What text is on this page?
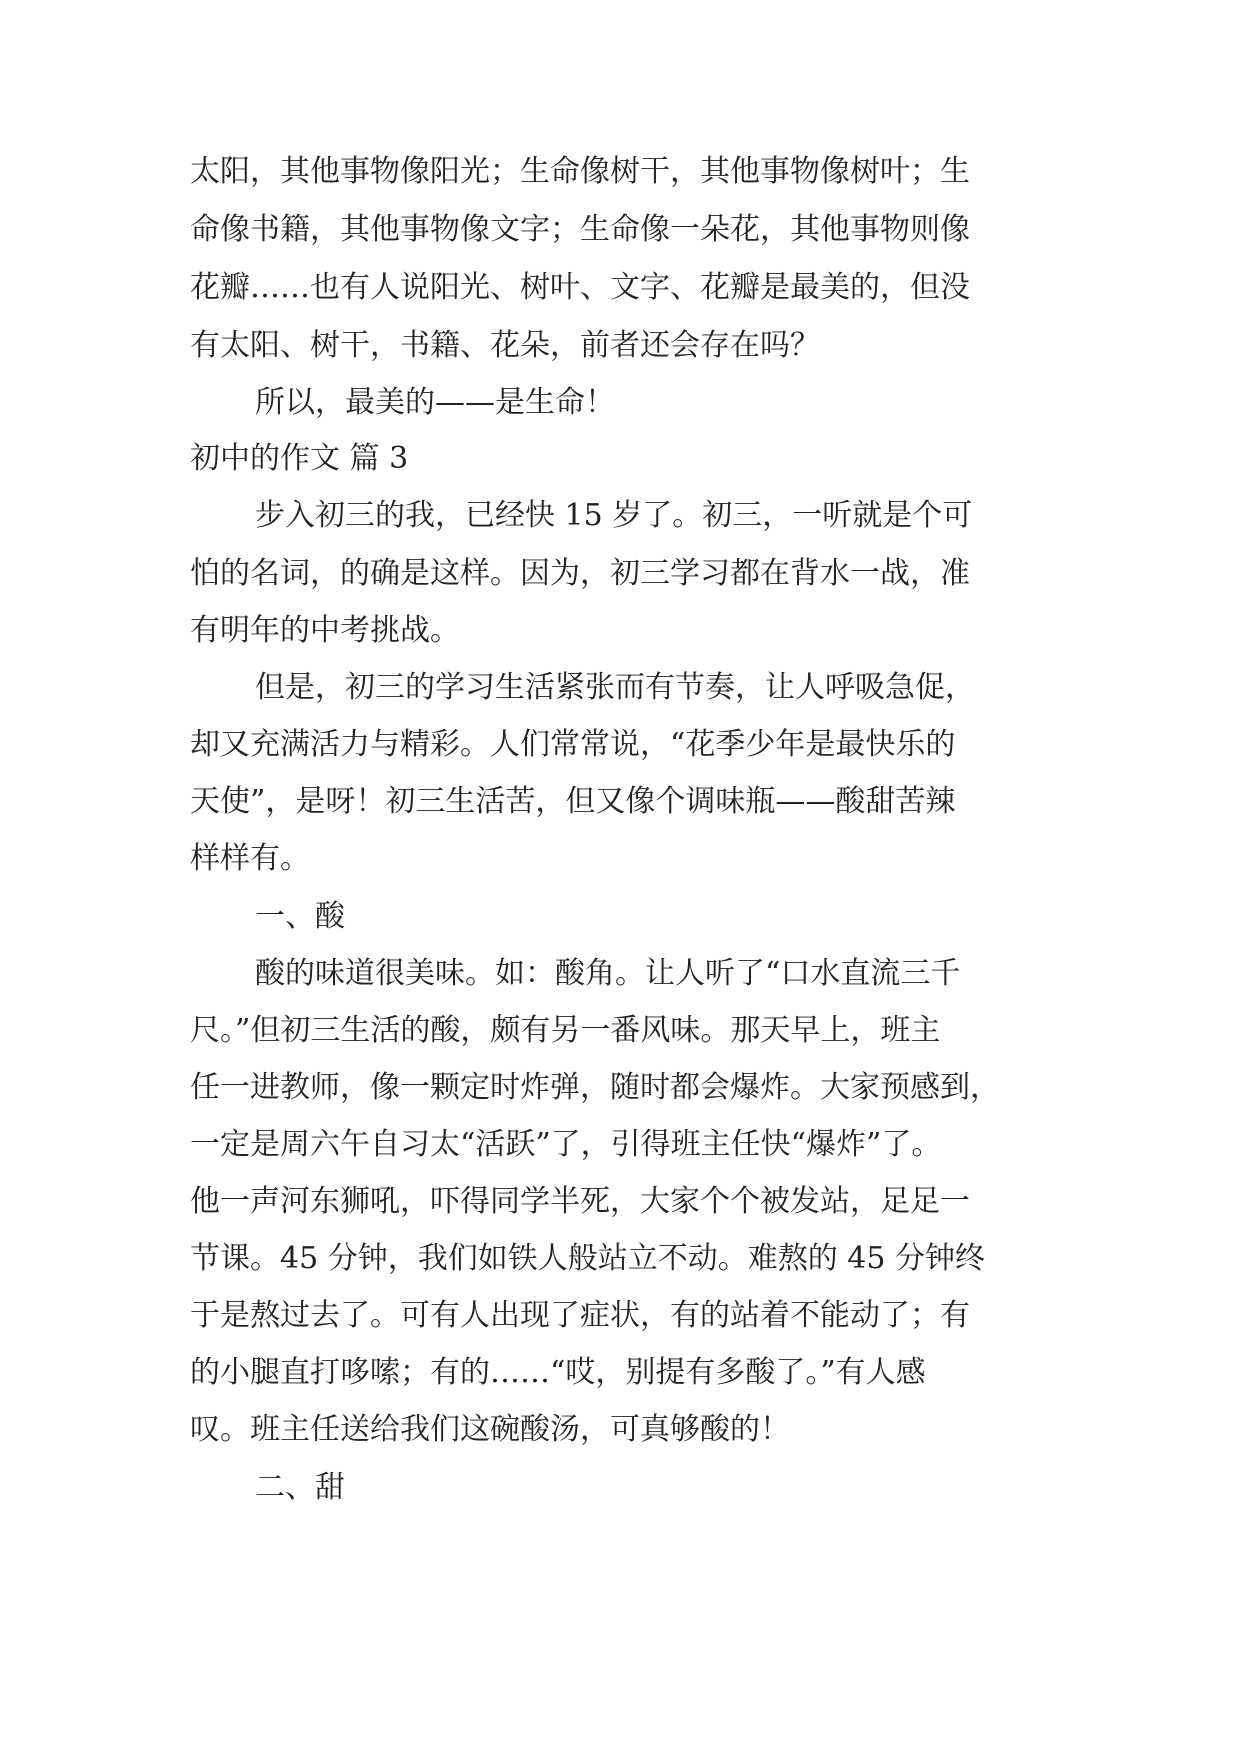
太阳，其他事物像阳光；生命像树干，其他事物像树叶；生
命像书籍，其他事物像文字；生命像一朵花，其他事物则像
花瓣……也有人说阳光、树叶、文字、花瓣是最美的，但没
有太阳、树干，书籍、花朵，前者还会存在吗？
所以，最美的——是生命！
初中的作文 篇 3
步入初三的我，已经快 15 岁了。初三，一听就是个可
怕的名词，的确是这样。因为，初三学习都在背水一战，准
有明年的中考挑战。
但是，初三的学习生活紧张而有节奏，让人呼吸急促，
却又充满活力与精彩。人们常常说，“花季少年是最快乐的
天使”，是呀！初三生活苦，但又像个调味瓶——酸甜苦辣
样样有。
一、酸
酸的味道很美味。如：酸角。让人听了“口水直流三千
尺。”但初三生活的酸，颇有另一番风味。那天早上，班主
任一进教师，像一颗定时炸弹，随时都会爆炸。大家预感到，
一定是周六午自习太“活跃”了，引得班主任快“爆炸”了。
他一声河东狮吼，吓得同学半死，大家个个被发站，足足一
节课。45 分钟，我们如铁人般站立不动。难熬的 45 分钟终
于是熬过去了。可有人出现了症状，有的站着不能动了；有
的小腿直打哆嗦；有的……“哎，别提有多酸了。”有人感
叹。班主任送给我们这碗酸汤，可真够酸的！
二、甜
